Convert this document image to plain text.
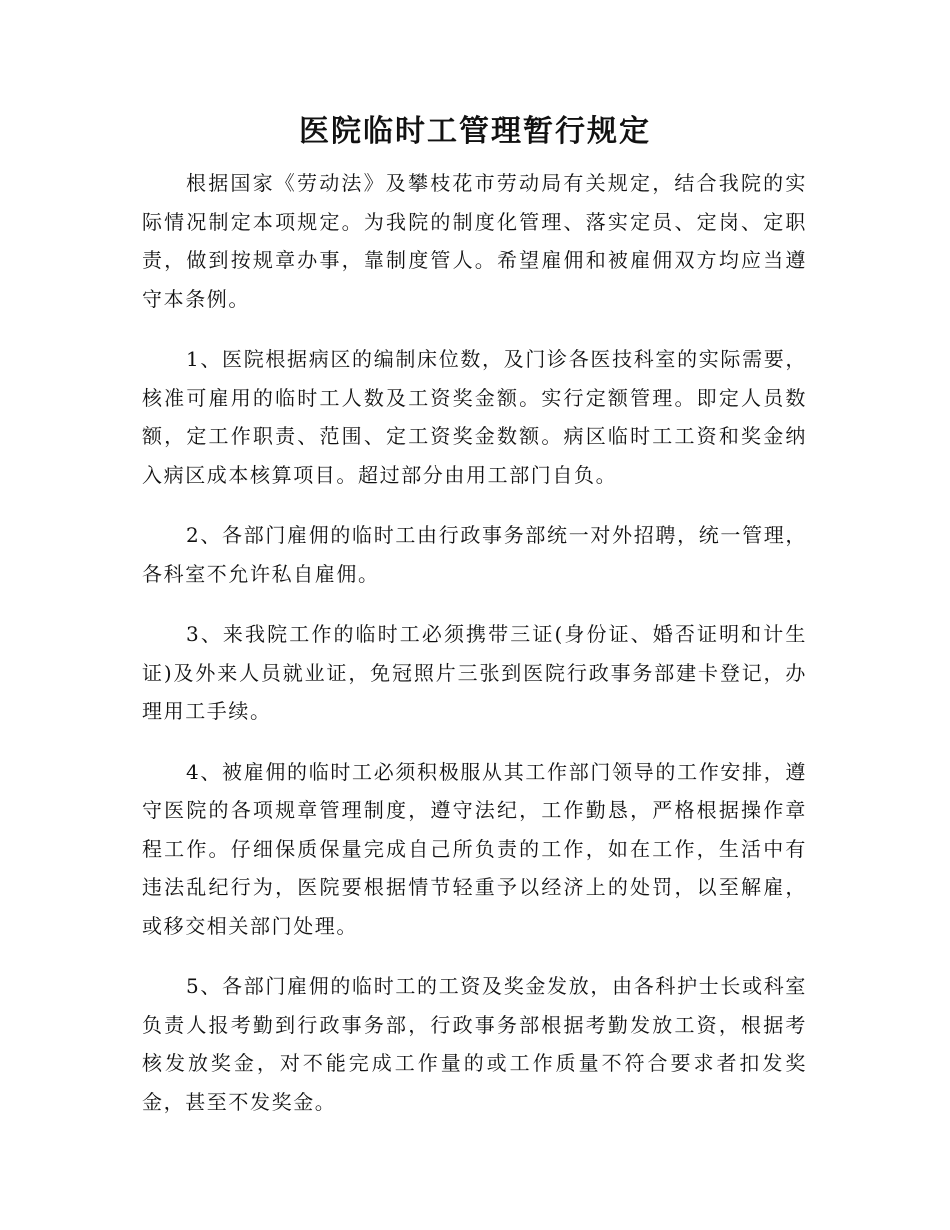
医院临时工管理暂行规定

根据国家《劳动法》及攀枝花市劳动局有关规定，结合我院的实际情况制定本项规定。为我院的制度化管理、落实定员、定岗、定职责，做到按规章办事，靠制度管人。希望雇佣和被雇佣双方均应当遵守本条例。

1、医院根据病区的编制床位数，及门诊各医技科室的实际需要，核准可雇用的临时工人数及工资奖金额。实行定额管理。即定人员数额，定工作职责、范围、定工资奖金数额。病区临时工工资和奖金纳入病区成本核算项目。超过部分由用工部门自负。

2、各部门雇佣的临时工由行政事务部统一对外招聘，统一管理，各科室不允许私自雇佣。

3、来我院工作的临时工必须携带三证(身份证、婚否证明和计生证)及外来人员就业证，免冠照片三张到医院行政事务部建卡登记，办理用工手续。

4、被雇佣的临时工必须积极服从其工作部门领导的工作安排，遵守医院的各项规章管理制度，遵守法纪，工作勤恳，严格根据操作章程工作。仔细保质保量完成自己所负责的工作，如在工作，生活中有违法乱纪行为，医院要根据情节轻重予以经济上的处罚，以至解雇，或移交相关部门处理。

5、各部门雇佣的临时工的工资及奖金发放，由各科护士长或科室负责人报考勤到行政事务部，行政事务部根据考勤发放工资，根据考核发放奖金，对不能完成工作量的或工作质量不符合要求者扣发奖金，甚至不发奖金。
